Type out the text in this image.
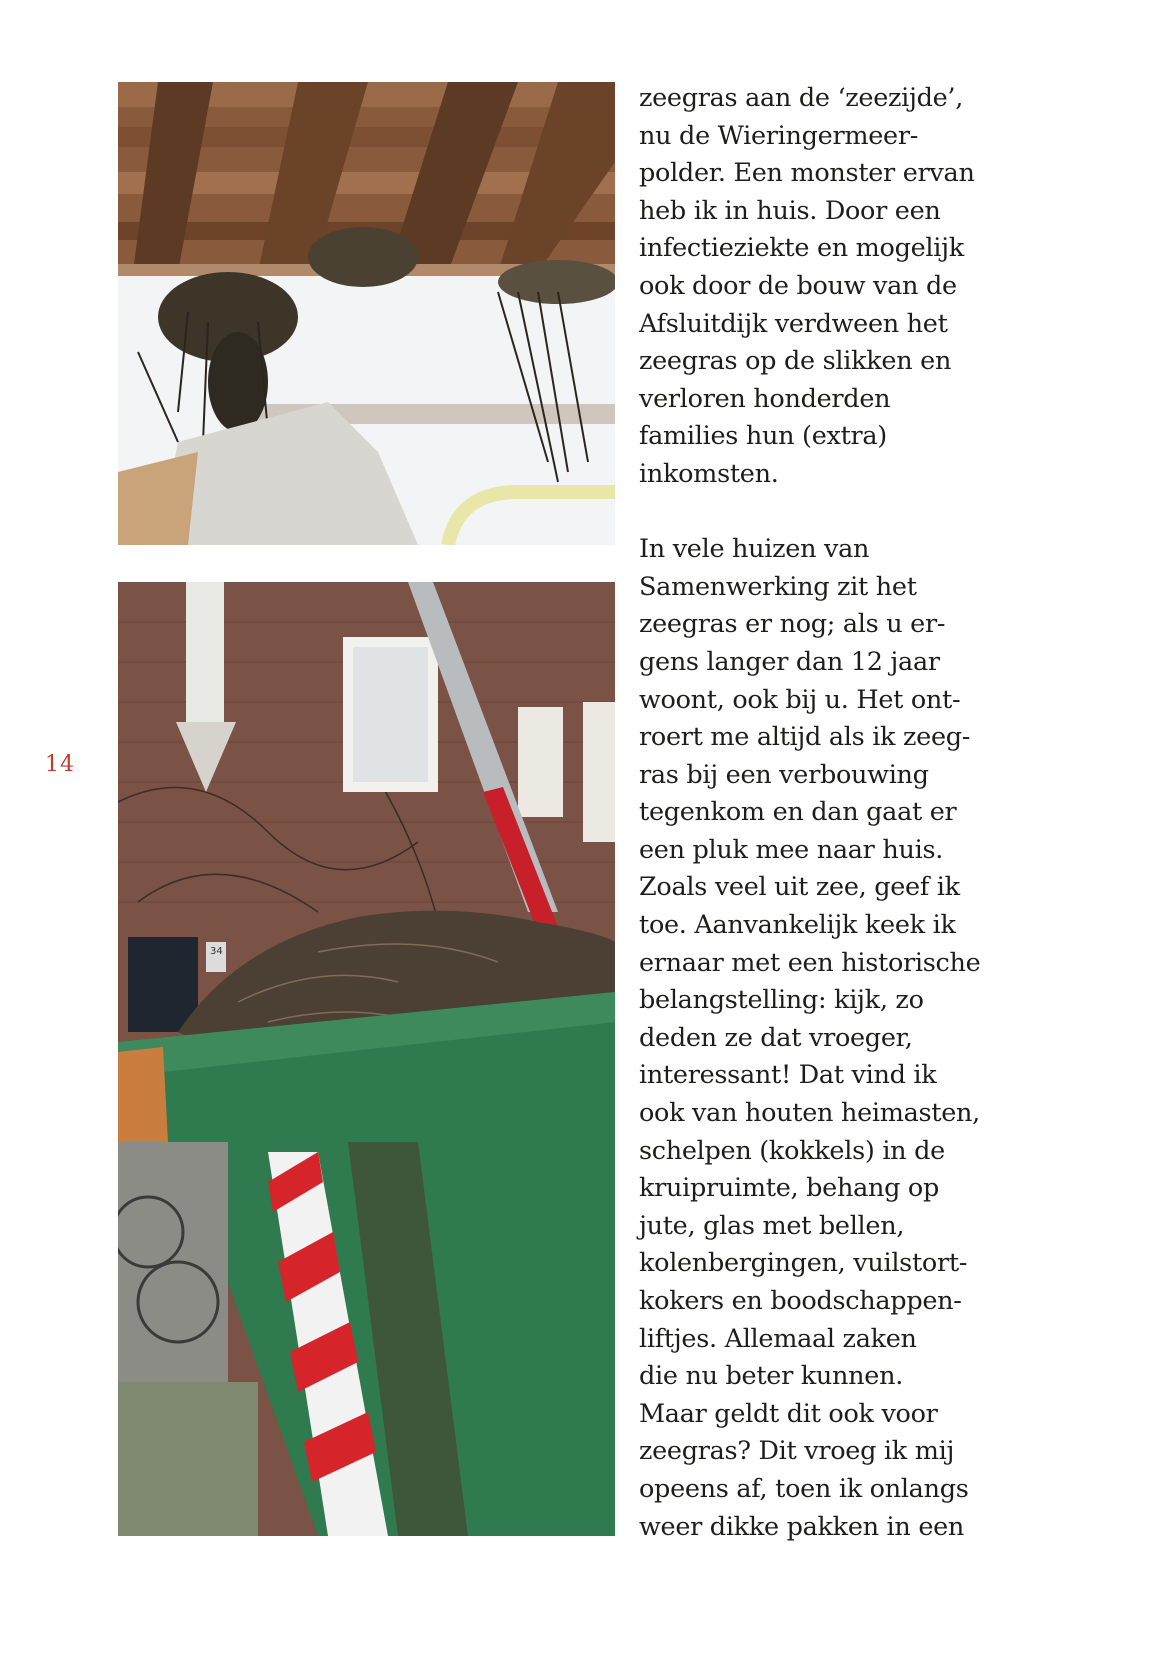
34
14
zeegras aan de ‘zeezijde’,
nu de Wieringermeer-
polder. Een monster ervan
heb ik in huis. Door een
infectieziekte en mogelijk
ook door de bouw van de
Afsluitdijk verdween het
zeegras op de slikken en
verloren honderden
families hun (extra)
inkomsten.
In vele huizen van
Samenwerking zit het
zeegras er nog; als u er-
gens langer dan 12 jaar
woont, ook bij u. Het ont-
roert me altijd als ik zeeg-
ras bij een verbouwing
tegenkom en dan gaat er
een pluk mee naar huis.
Zoals veel uit zee, geef ik
toe. Aanvankelijk keek ik
ernaar met een historische
belangstelling: kijk, zo
deden ze dat vroeger,
interessant! Dat vind ik
ook van houten heimasten,
schelpen (kokkels) in de
kruipruimte, behang op
jute, glas met bellen,
kolenbergingen, vuilstort-
kokers en boodschappen-
liftjes. Allemaal zaken
die nu beter kunnen.
Maar geldt dit ook voor
zeegras? Dit vroeg ik mij
opeens af, toen ik onlangs
weer dikke pakken in een
